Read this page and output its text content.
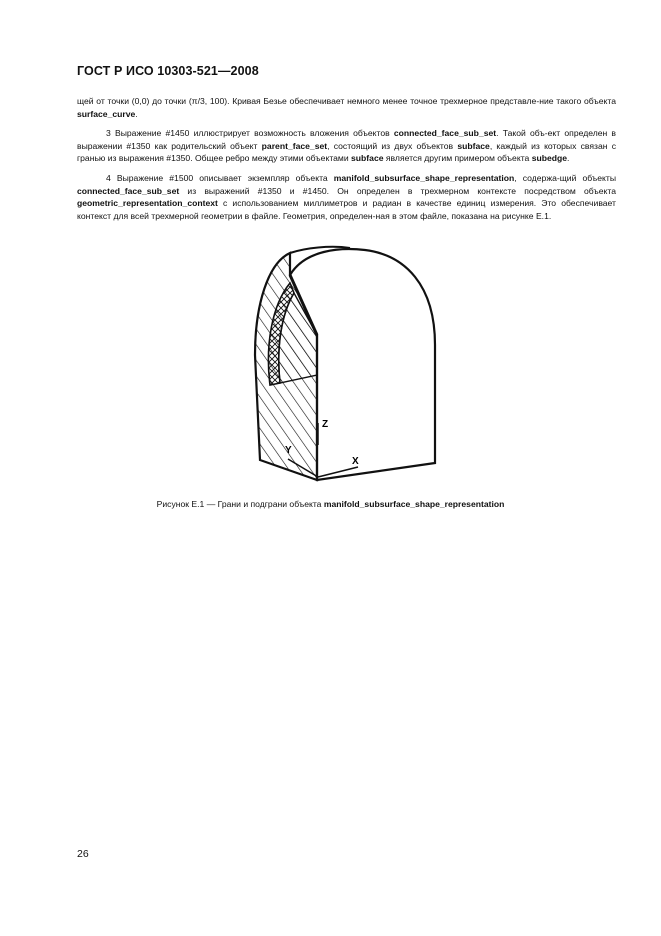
ГОСТ Р ИСО 10303-521—2008

щей от точки (0,0) до точки (π/3, 100). Кривая Безье обеспечивает немного менее точное трехмерное представле-ние такого объекта surface_curve.

3 Выражение #1450 иллюстрирует возможность вложения объектов connected_face_sub_set. Такой объ-ект определен в выражении #1350 как родительский объект parent_face_set, состоящий из двух объектов subface, каждый из которых связан с гранью из выражения #1350. Общее ребро между этими объектами subface является другим примером объекта subedge.

4 Выражение #1500 описывает экземпляр объекта manifold_subsurface_shape_representation, содержа-щий объекты connected_face_sub_set из выражений #1350 и #1450. Он определен в трехмерном контексте посредством объекта geometric_representation_context с использованием миллиметров и радиан в качестве единиц измерения. Это обеспечивает контекст для всей трехмерной геометрии в файле. Геометрия, определен-ная в этом файле, показана на рисунке Е.1.

Z
Y
X
Рисунок Е.1 — Грани и подграни объекта manifold_subsurface_shape_representation
26
